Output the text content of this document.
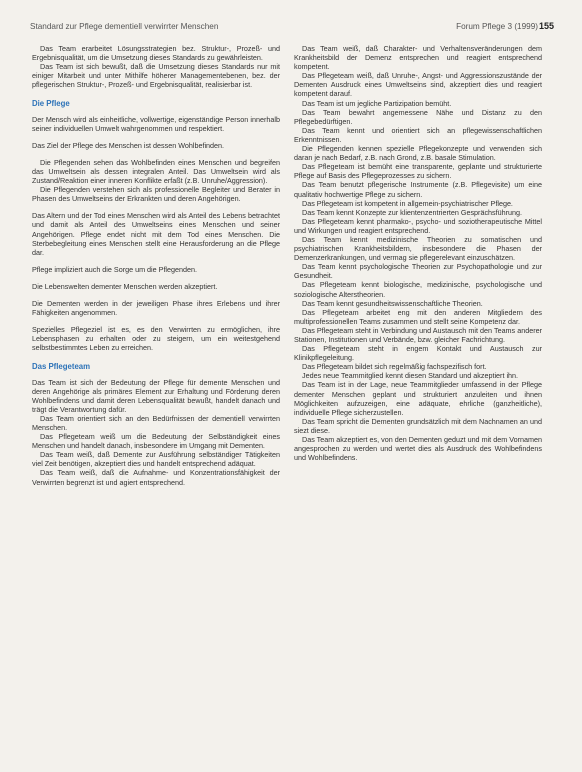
Standard zur Pflege dementiell verwirrter Menschen	Forum Pflege 3 (1999) 155

Das Team erarbeitet Lösungsstrategien bez. Struktur-, Prozeß- und Ergebnisqualität, um die Umsetzung dieses Standards zu gewährleisten.

Das Team ist sich bewußt, daß die Umsetzung dieses Standards nur mit einiger Mitarbeit und unter Mithilfe höherer Managementebenen, bez. der pflegerischen Struktur-, Prozeß- und Ergebnisqualität, realisierbar ist.

Die Pflege

Der Mensch wird als einheitliche, vollwertige, eigenständige Person innerhalb seiner individuellen Umwelt wahrgenommen und respektiert.

Das Ziel der Pflege des Menschen ist dessen Wohlbefinden.

Die Pflegenden sehen das Wohlbefinden eines Menschen und begreifen das Umweltsein als dessen integralen Anteil. Das Umweltsein wird als Zustand/Reaktion einer inneren Konflikte erfaßt (z.B. Unruhe/Aggression).

Die Pflegenden verstehen sich als professionelle Begleiter und Berater in Phasen des Umweltseins der Erkrankten und deren Angehörigen.

Das Altern und der Tod eines Menschen wird als Anteil des Lebens betrachtet und damit als Anteil des Umweltseins eines Menschen und seiner Angehörigen. Pflege endet nicht mit dem Tod eines Menschen. Die Sterbebegleitung eines Menschen stellt eine Herausforderung an die Pflege dar.

Pflege impliziert auch die Sorge um die Pflegenden.

Die Lebenswelten dementer Menschen werden akzeptiert.

Die Dementen werden in der jeweiligen Phase ihres Erlebens und ihrer Fähigkeiten angenommen.

Spezielles Pflegeziel ist es, es den Verwirrten zu ermöglichen, ihre Lebensphasen zu erhalten oder zu steigern, um ein weitestgehend selbstbestimmtes Leben zu erreichen.

Das Pflegeteam

Das Team ist sich der Bedeutung der Pflege für demente Menschen und deren Angehörige als primäres Element zur Erhaltung und Förderung deren Wohlbefindens und damit deren Lebensqualität bewußt, handelt danach und trägt die Verantwortung dafür.

Das Team orientiert sich an den Bedürfnissen der dementiell verwirrten Menschen.

Das Pflegeteam weiß um die Bedeutung der Selbständigkeit eines Menschen und handelt danach, insbesondere im Umgang mit Dementen.

Das Team weiß, daß Demente zur Ausführung selbständiger Tätigkeiten viel Zeit benötigen, akzeptiert dies und handelt entsprechend adäquat.

Das Team weiß, daß die Aufnahme- und Konzentrationsfähigkeit der Verwirrten begrenzt ist und agiert entsprechend.

Das Team weiß, daß Charakter- und Verhaltensveränderungen dem Krankheitsbild der Demenz entsprechen und reagiert entsprechend kompetent.

Das Pflegeteam weiß, daß Unruhe-, Angst- und Aggressionszustände der Dementen Ausdruck eines Umweltseins sind, akzeptiert dies und reagiert kompetent darauf.

Das Team ist um jegliche Partizipation bemüht.

Das Team bewahrt angemessene Nähe und Distanz zu den Pflegebedürftigen.

Das Team kennt und orientiert sich an pflegewissenschaftlichen Erkenntnissen.

Die Pflegenden kennen spezielle Pflegekonzepte und verwenden sich daran je nach Bedarf, z.B. nach Grond, z.B. basale Stimulation.

Das Pflegeteam ist bemüht eine transparente, geplante und strukturierte Pflege auf Basis des Pflegeprozesses zu sichern.

Das Team benutzt pflegerische Instrumente (z.B. Pflegevisite) um eine qualitativ hochwertige Pflege zu sichern.

Das Pflegeteam ist kompetent in allgemein-psychiatrischer Pflege.

Das Team kennt Konzepte zur klientenzentrierten Gesprächsführung.

Das Pflegeteam kennt pharmako-, psycho- und soziotherapeutische Mittel und Wirkungen und reagiert entsprechend.

Das Team kennt medizinische Theorien zu somatischen und psychiatrischen Krankheitsbildern, insbesondere die Phasen der Demenzerkrankungen, und vermag sie pflegerelevant einzuschätzen.

Das Team kennt psychologische Theorien zur Psychopathologie und zur Gesundheit.

Das Pflegeteam kennt biologische, medizinische, psychologische und soziologische Alterstheorien.

Das Team kennt gesundheitswissenschaftliche Theorien.

Das Pflegeteam arbeitet eng mit den anderen Mitgliedern des multiprofessionellen Teams zusammen und stellt seine Kompetenz dar.

Das Pflegeteam steht in Verbindung und Austausch mit den Teams anderer Stationen, Institutionen und Verbände, bzw. gleicher Fachrichtung.

Das Pflegeteam steht in engem Kontakt und Austausch zur Klinikpflegeleitung.

Das Pflegeteam bildet sich regelmäßig fachspezifisch fort.

Jedes neue Teammitglied kennt diesen Standard und akzeptiert ihn.

Das Team ist in der Lage, neue Teammitglieder umfassend in der Pflege dementer Menschen geplant und strukturiert anzuleiten und ihnen Möglichkeiten aufzuzeigen, eine adäquate, ehrliche (ganzheitliche), individuelle Pflege sicherzustellen.

Das Team spricht die Dementen grundsätzlich mit dem Nachnamen an und siezt diese.

Das Team akzeptiert es, von den Dementen geduzt und mit dem Vornamen angesprochen zu werden und wertet dies als Ausdruck des Wohlbefindens und Wohlbefindens.
